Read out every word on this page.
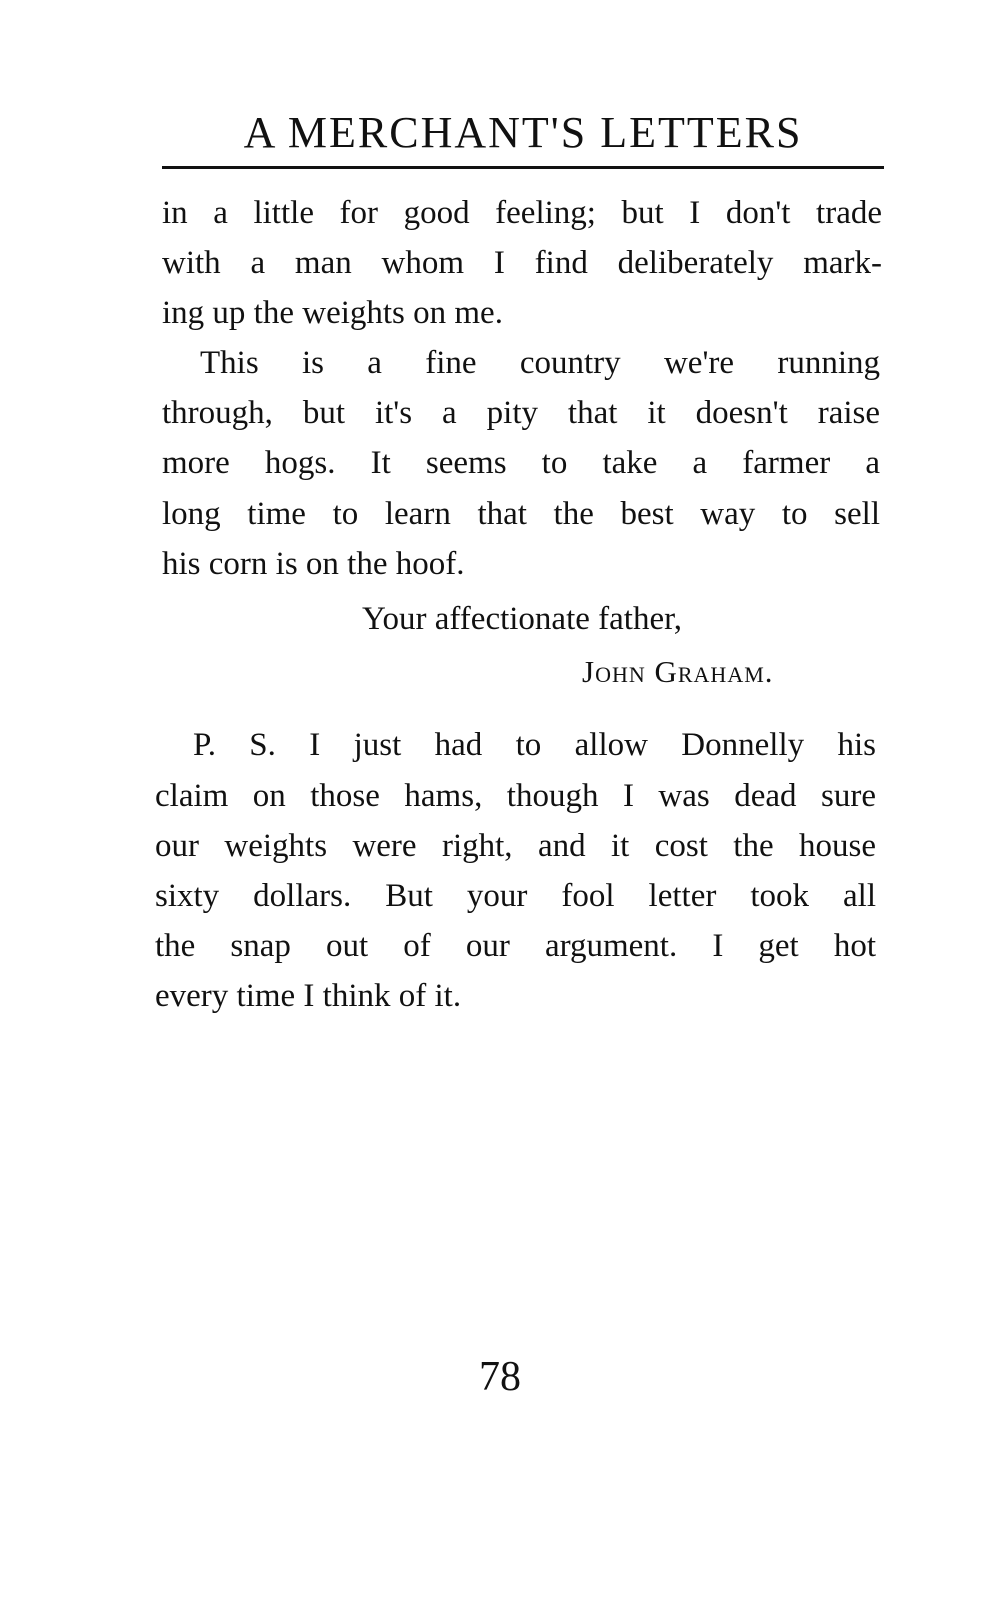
A MERCHANT'S LETTERS
in a little for good feeling; but I don't trade
with a man whom I find deliberately mark-
ing up the weights on me.
This is a fine country we're running
through, but it's a pity that it doesn't raise
more hogs. It seems to take a farmer a
long time to learn that the best way to sell
his corn is on the hoof.
Your affectionate father,
John Graham.
P. S. I just had to allow Donnelly his
claim on those hams, though I was dead sure
our weights were right, and it cost the house
sixty dollars. But your fool letter took all
the snap out of our argument. I get hot
every time I think of it.
78
